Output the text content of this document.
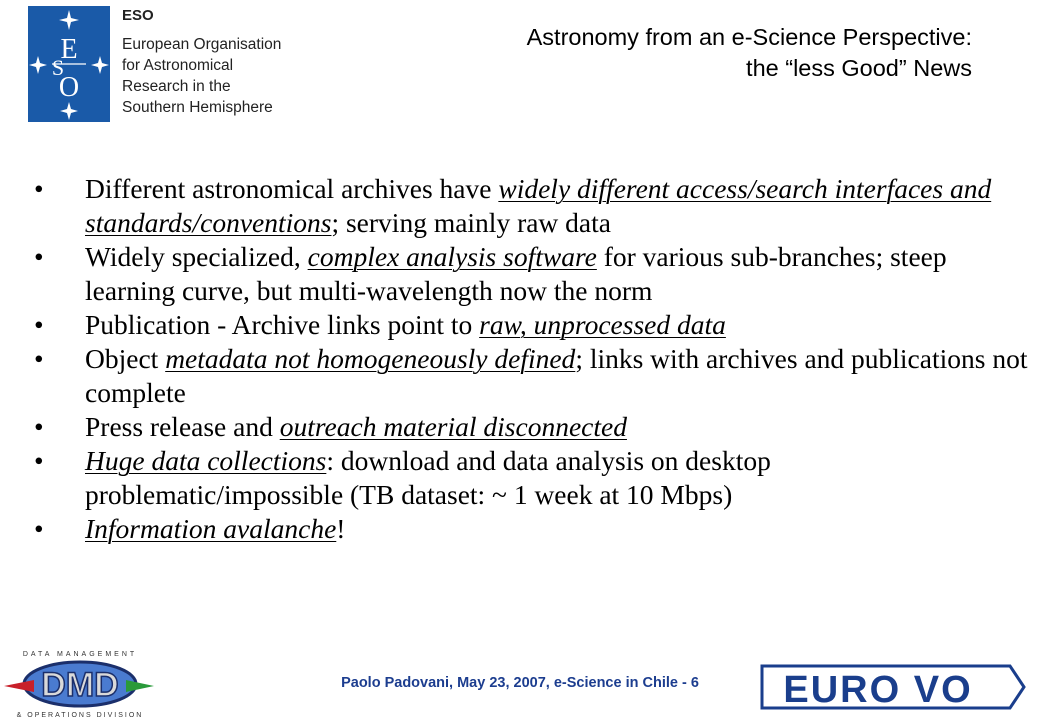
E
S
O
ESO
European Organisation
for Astronomical
Research in the
Southern Hemisphere
Astronomy from an e-Science Perspective:
the “less Good” News
• Different astronomical archives have widely different access/search interfaces and standards/conventions; serving mainly raw data
• Widely specialized, complex analysis software for various sub-branches; steep learning curve, but multi-wavelength now the norm
• Publication - Archive links point to raw, unprocessed data
• Object metadata not homogeneously defined; links with archives and publications not complete
• Press release and outreach material disconnected
• Huge data collections: download and data analysis on desktop problematic/impossible (TB dataset: ~ 1 week at 10 Mbps)
• Information avalanche!
DATA MANAGEMENT
DMD
& OPERATIONS DIVISION
Paolo Padovani, May 23, 2007, e-Science in Chile - 6	EURO VO
